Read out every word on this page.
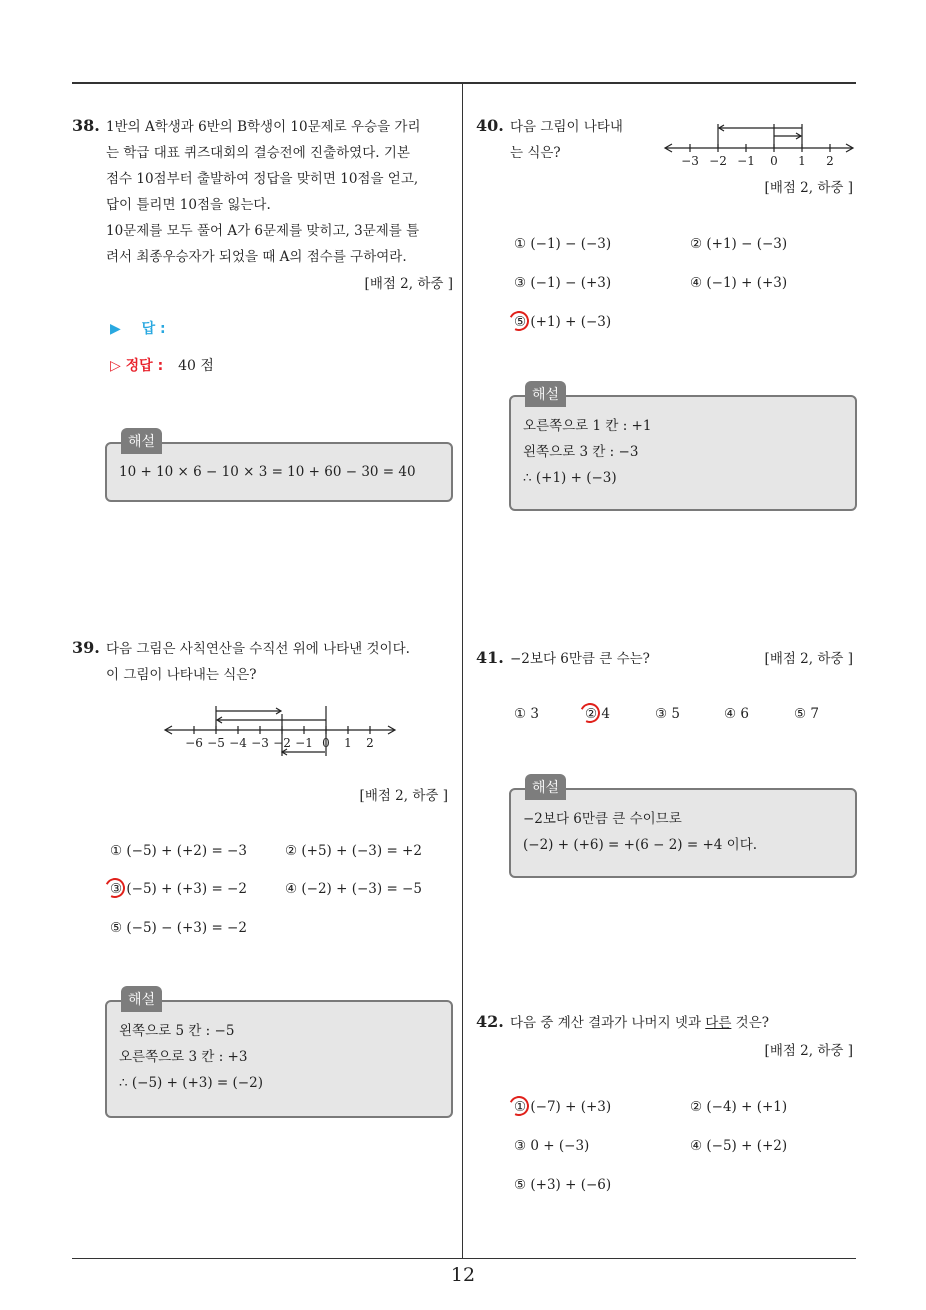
12
38. 1반의 A학생과 6반의 B학생이 10문제로 우승을 가리
는 학급 대표 퀴즈대회의 결승전에 진출하였다. 기본
점수 10점부터 출발하여 정답을 맞히면 10점을 얻고,
답이 틀리면 10점을 잃는다.
10문제를 모두 풀어 A가 6문제를 맞히고, 3문제를 틀
려서 최종우승자가 되었을 때 A의 점수를 구하여라.
[배점 2, 하중 ]
▶ 답 :
▷ 정답 : 40 점
해설
10 + 10 × 6 − 10 × 3 = 10 + 60 − 30 = 40
39. 다음 그림은 사칙연산을 수직선 위에 나타낸 것이다.
이 그림이 나타내는 식은?
−6 −5 −4 −3 −2 −1 0 1 2
[배점 2, 하중 ]
① (−5) + (+2) = −3	② (+5) + (−3) = +2
③ (−5) + (+3) = −2	④ (−2) + (−3) = −5
⑤ (−5) − (+3) = −2
해설
왼쪽으로 5 칸 : −5
오른쪽으로 3 칸 : +3
∴ (−5) + (+3) = (−2)
40. 다음 그림이 나타내
는 식은?	−3 −2 −1 0 1 2
[배점 2, 하중 ]
① (−1) − (−3)	② (+1) − (−3)
③ (−1) − (+3)	④ (−1) + (+3)
⑤ (+1) + (−3)
해설
오른쪽으로 1 칸 : +1
왼쪽으로 3 칸 : −3
∴ (+1) + (−3)
41. −2보다 6만큼 큰 수는?	[배점 2, 하중 ]
① 3	② 4	③ 5	④ 6	⑤ 7
해설
−2보다 6만큼 큰 수이므로
(−2) + (+6) = +(6 − 2) = +4 이다.
42. 다음 중 계산 결과가 나머지 넷과 다른 것은?
[배점 2, 하중 ]
① (−7) + (+3)	② (−4) + (+1)
③ 0 + (−3)	④ (−5) + (+2)
⑤ (+3) + (−6)
